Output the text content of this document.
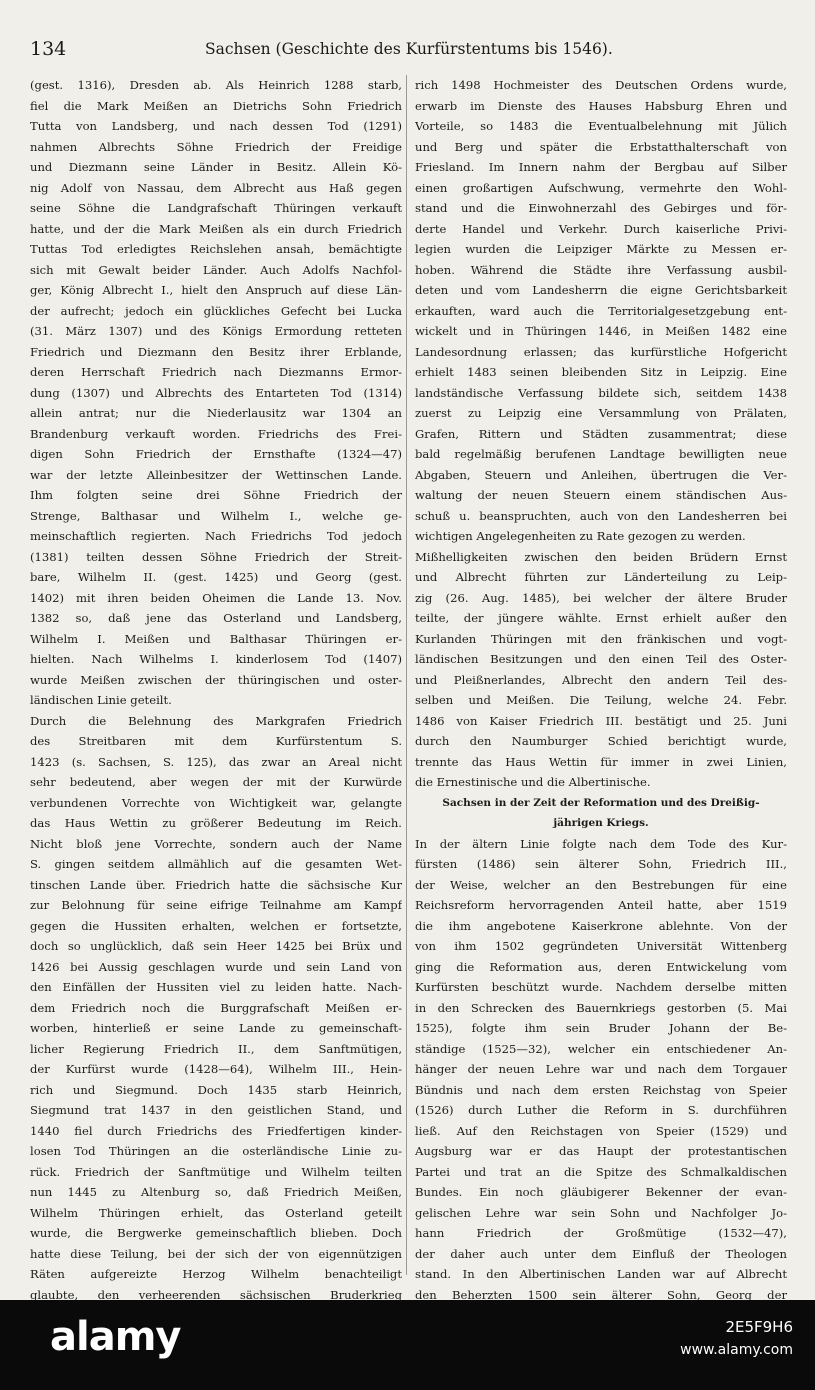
134	Sachsen (Geschichte des Kurfürstentums bis 1546).
(gest. 1316), Dresden ab. Als Heinrich 1288 starb,
fiel die Mark Meißen an Dietrichs Sohn Friedrich
Tutta von Landsberg, und nach dessen Tod (1291)
nahmen Albrechts Söhne Friedrich der Freidige
und Diezmann seine Länder in Besitz. Allein Kö-
nig Adolf von Nassau, dem Albrecht aus Haß gegen
seine Söhne die Landgrafschaft Thüringen verkauft
hatte, und der die Mark Meißen als ein durch Friedrich
Tuttas Tod erledigtes Reichslehen ansah, bemächtigte
sich mit Gewalt beider Länder. Auch Adolfs Nachfol-
ger, König Albrecht I., hielt den Anspruch auf diese Län-
der aufrecht; jedoch ein glückliches Gefecht bei Lucka
(31. März 1307) und des Königs Ermordung retteten
Friedrich und Diezmann den Besitz ihrer Erblande,
deren Herrschaft Friedrich nach Diezmanns Ermor-
dung (1307) und Albrechts des Entarteten Tod (1314)
allein antrat; nur die Niederlausitz war 1304 an
Brandenburg verkauft worden. Friedrichs des Frei-
digen Sohn Friedrich der Ernsthafte (1324—47)
war der letzte Alleinbesitzer der Wettinschen Lande.
Ihm folgten seine drei Söhne Friedrich der
Strenge, Balthasar und Wilhelm I., welche ge-
meinschaftlich regierten. Nach Friedrichs Tod jedoch
(1381) teilten dessen Söhne Friedrich der Streit-
bare, Wilhelm II. (gest. 1425) und Georg (gest.
1402) mit ihren beiden Oheimen die Lande 13. Nov.
1382 so, daß jene das Osterland und Landsberg,
Wilhelm I. Meißen und Balthasar Thüringen er-
hielten. Nach Wilhelms I. kinderlosem Tod (1407)
wurde Meißen zwischen der thüringischen und oster-
ländischen Linie geteilt.
Durch die Belehnung des Markgrafen Friedrich
des Streitbaren mit dem Kurfürstentum S.
1423 (s. Sachsen, S. 125), das zwar an Areal nicht
sehr bedeutend, aber wegen der mit der Kurwürde
verbundenen Vorrechte von Wichtigkeit war, gelangte
das Haus Wettin zu größerer Bedeutung im Reich.
Nicht bloß jene Vorrechte, sondern auch der Name
S. gingen seitdem allmählich auf die gesamten Wet-
tinschen Lande über. Friedrich hatte die sächsische Kur
zur Belohnung für seine eifrige Teilnahme am Kampf
gegen die Hussiten erhalten, welchen er fortsetzte,
doch so unglücklich, daß sein Heer 1425 bei Brüx und
1426 bei Aussig geschlagen wurde und sein Land von
den Einfällen der Hussiten viel zu leiden hatte. Nach-
dem Friedrich noch die Burggrafschaft Meißen er-
worben, hinterließ er seine Lande zu gemeinschaft-
licher Regierung Friedrich II., dem Sanftmütigen,
der Kurfürst wurde (1428—64), Wilhelm III., Hein-
rich und Siegmund. Doch 1435 starb Heinrich,
Siegmund trat 1437 in den geistlichen Stand, und
1440 fiel durch Friedrichs des Friedfertigen kinder-
losen Tod Thüringen an die osterländische Linie zu-
rück. Friedrich der Sanftmütige und Wilhelm teilten
nun 1445 zu Altenburg so, daß Friedrich Meißen,
Wilhelm Thüringen erhielt, das Osterland geteilt
wurde, die Bergwerke gemeinschaftlich blieben. Doch
hatte diese Teilung, bei der sich der von eigennützigen
Räten aufgereizte Herzog Wilhelm benachteiligt
glaubte, den verheerenden sächsischen Bruderkrieg
rich 1498 Hochmeister des Deutschen Ordens wurde,
erwarb im Dienste des Hauses Habsburg Ehren und
Vorteile, so 1483 die Eventualbelehnung mit Jülich
und Berg und später die Erbstatthalterschaft von
Friesland. Im Innern nahm der Bergbau auf Silber
einen großartigen Aufschwung, vermehrte den Wohl-
stand und die Einwohnerzahl des Gebirges und för-
derte Handel und Verkehr. Durch kaiserliche Privi-
legien wurden die Leipziger Märkte zu Messen er-
hoben. Während die Städte ihre Verfassung ausbil-
deten und vom Landesherrn die eigne Gerichtsbarkeit
erkauften, ward auch die Territorialgesetzgebung ent-
wickelt und in Thüringen 1446, in Meißen 1482 eine
Landesordnung erlassen; das kurfürstliche Hofgericht
erhielt 1483 seinen bleibenden Sitz in Leipzig. Eine
landständische Verfassung bildete sich, seitdem 1438
zuerst zu Leipzig eine Versammlung von Prälaten,
Grafen, Rittern und Städten zusammentrat; diese
bald regelmäßig berufenen Landtage bewilligten neue
Abgaben, Steuern und Anleihen, übertrugen die Ver-
waltung der neuen Steuern einem ständischen Aus-
schuß u. beanspruchten, auch von den Landesherren bei
wichtigen Angelegenheiten zu Rate gezogen zu werden.
Mißhelligkeiten zwischen den beiden Brüdern Ernst
und Albrecht führten zur Länderteilung zu Leip-
zig (26. Aug. 1485), bei welcher der ältere Bruder
teilte, der jüngere wählte. Ernst erhielt außer den
Kurlanden Thüringen mit den fränkischen und vogt-
ländischen Besitzungen und den einen Teil des Oster-
und Pleißnerlandes, Albrecht den andern Teil des-
selben und Meißen. Die Teilung, welche 24. Febr.
1486 von Kaiser Friedrich III. bestätigt und 25. Juni
durch den Naumburger Schied berichtigt wurde,
trennte das Haus Wettin für immer in zwei Linien,
die Ernestinische und die Albertinische.
Sachsen in der Zeit der Reformation und des Dreißig-
jährigen Kriegs.
In der ältern Linie folgte nach dem Tode des Kur-
fürsten (1486) sein älterer Sohn, Friedrich III.,
der Weise, welcher an den Bestrebungen für eine
Reichsreform hervorragenden Anteil hatte, aber 1519
die ihm angebotene Kaiserkrone ablehnte. Von der
von ihm 1502 gegründeten Universität Wittenberg
ging die Reformation aus, deren Entwickelung vom
Kurfürsten beschützt wurde. Nachdem derselbe mitten
in den Schrecken des Bauernkriegs gestorben (5. Mai
1525), folgte ihm sein Bruder Johann der Be-
ständige (1525—32), welcher ein entschiedener An-
hänger der neuen Lehre war und nach dem Torgauer
Bündnis und nach dem ersten Reichstag von Speier
(1526) durch Luther die Reform in S. durchführen
ließ. Auf den Reichstagen von Speier (1529) und
Augsburg war er das Haupt der protestantischen
Partei und trat an die Spitze des Schmalkaldischen
Bundes. Ein noch gläubigerer Bekenner der evan-
gelischen Lehre war sein Sohn und Nachfolger Jo-
hann Friedrich der Großmütige (1532—47),
der daher auch unter dem Einfluß der Theologen
stand. In den Albertinischen Landen war auf Albrecht
den Beherzten 1500 sein älterer Sohn, Georg der
alamy	2E5F9H6
www.alamy.com
